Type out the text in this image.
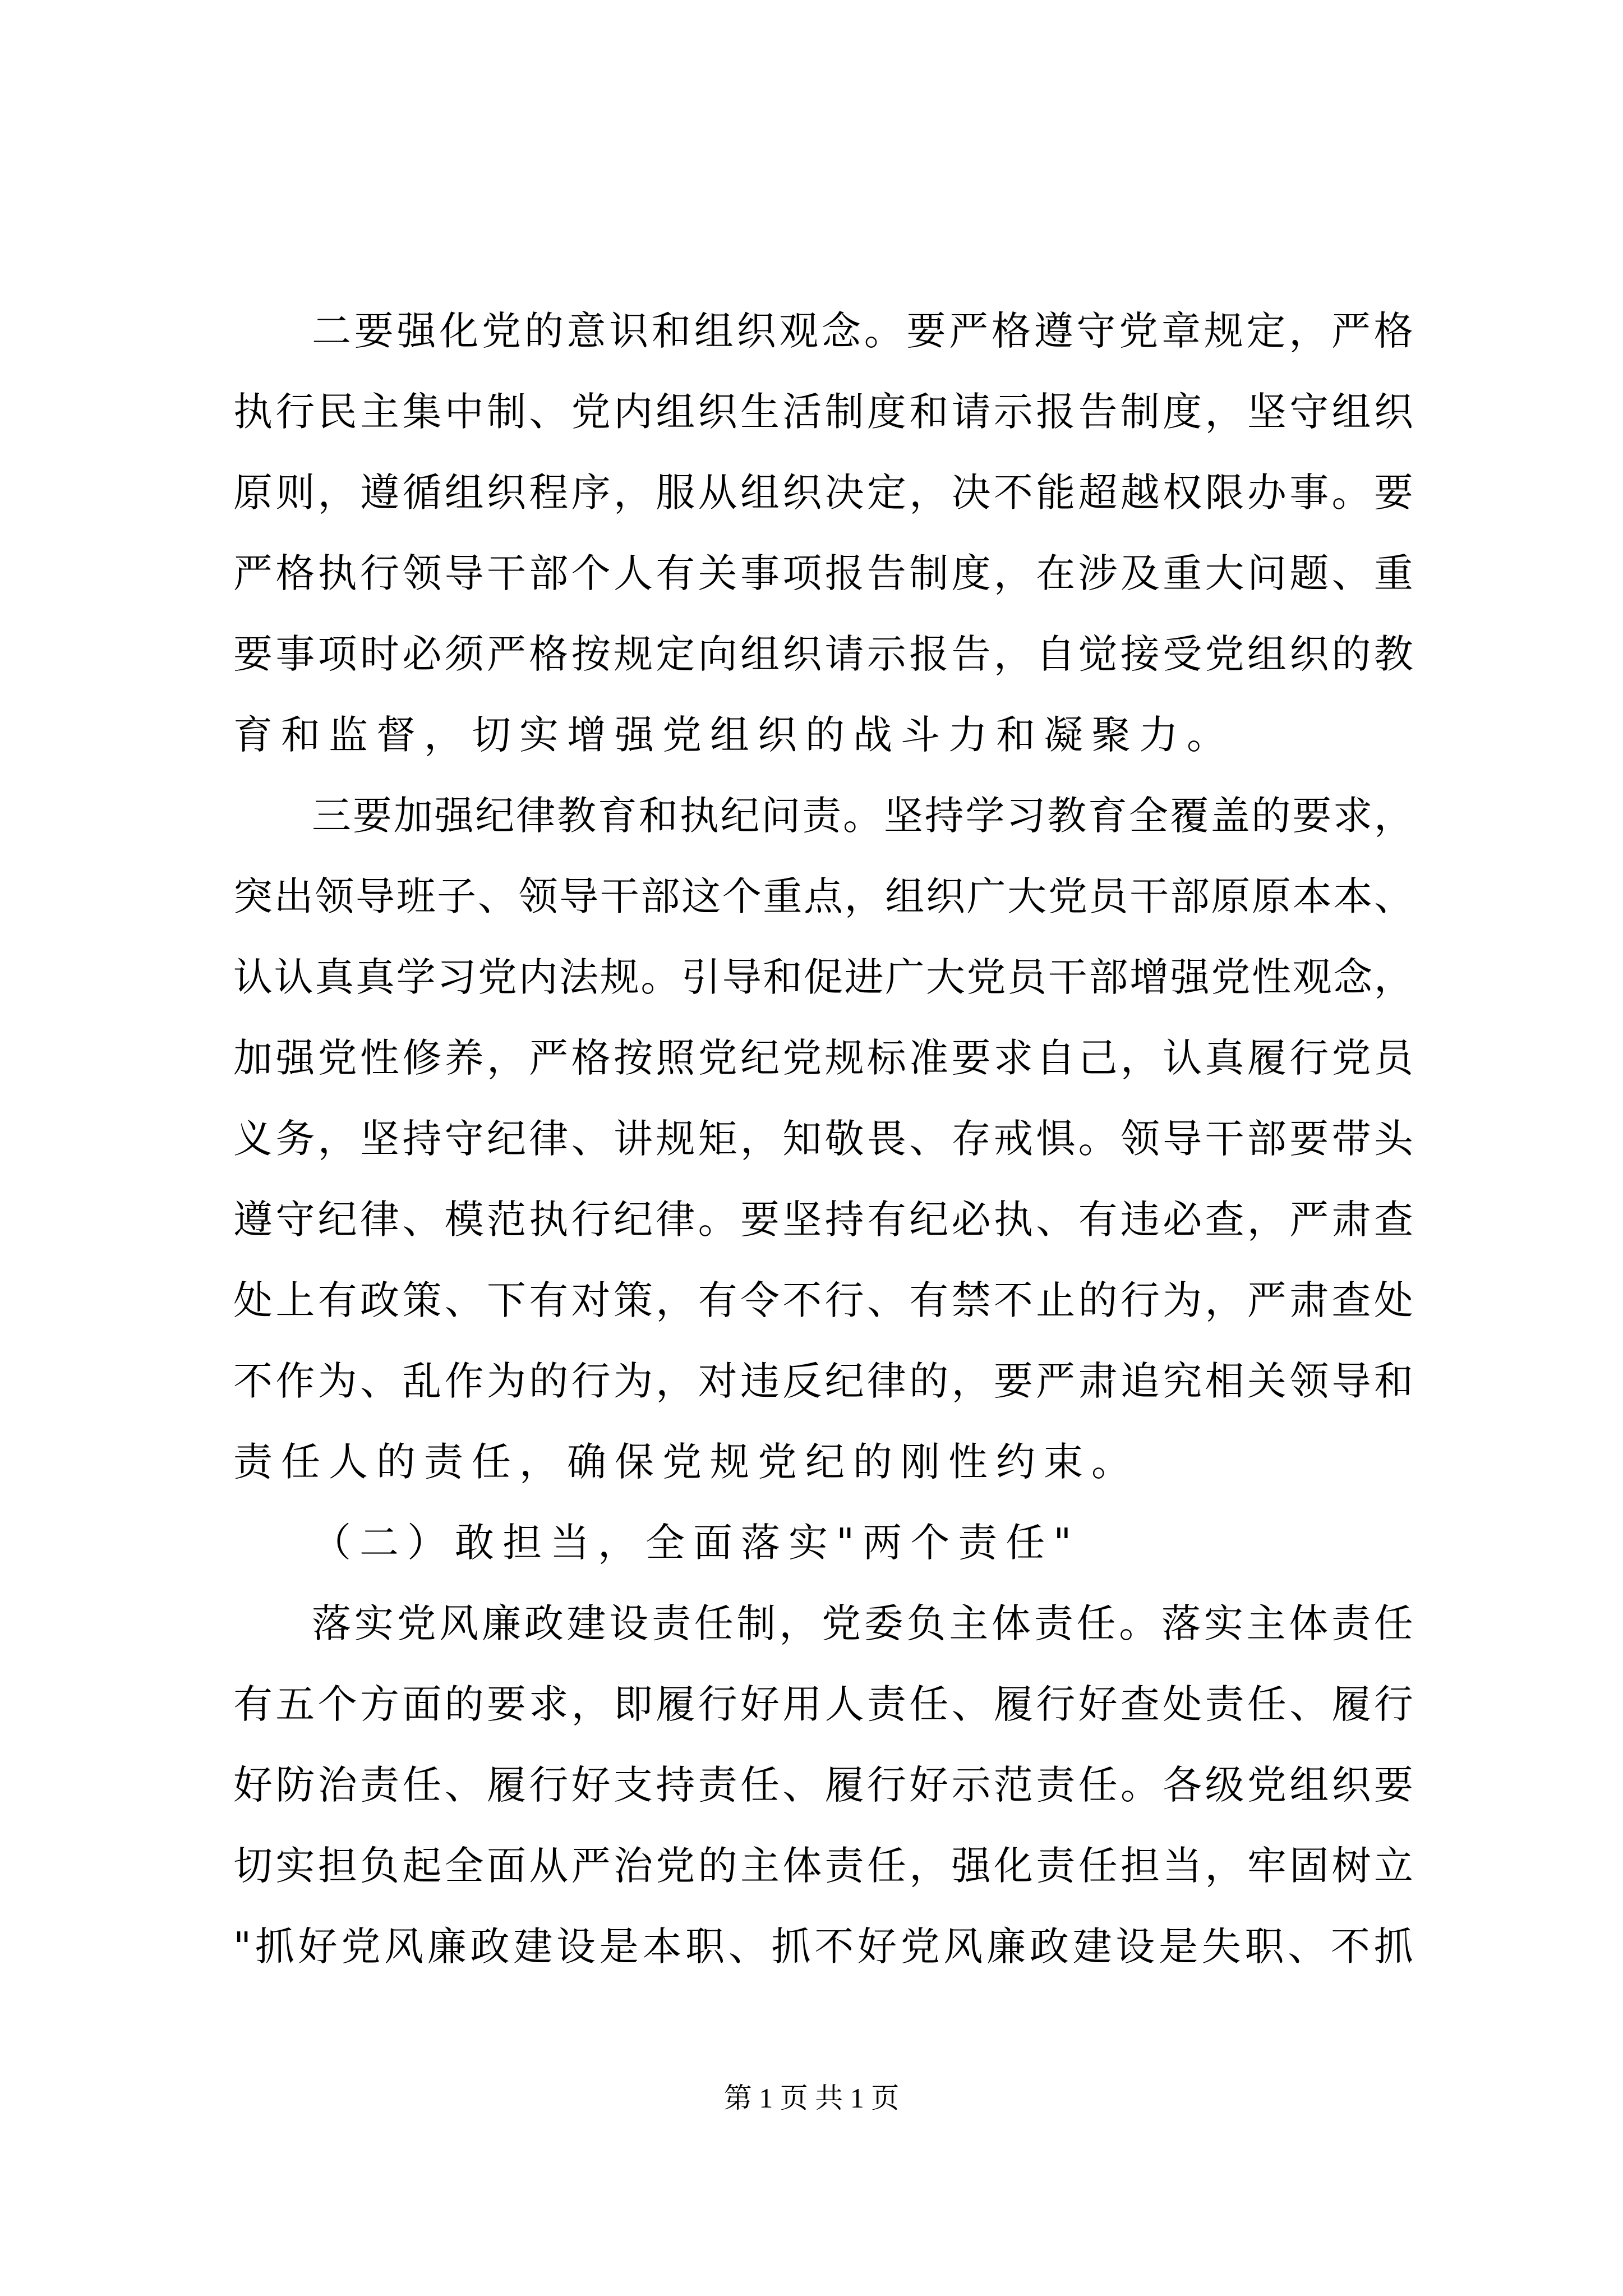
二 要 强 化 党 的 意 识 和 组 织 观 念 。 要 严 格 遵 守 党 章 规 定 ， 严 格
执 行 民 主 集 中 制 、 党 内 组 织 生 活 制 度 和 请 示 报 告 制 度 ， 坚 守 组 织
原 则 ， 遵 循 组 织 程 序 ， 服 从 组 织 决 定 ， 决 不 能 超 越 权 限 办 事 。 要
严 格 执 行 领 导 干 部 个 人 有 关 事 项 报 告 制 度 ， 在 涉 及 重 大 问 题 、 重
要 事 项 时 必 须 严 格 按 规 定 向 组 织 请 示 报 告 ， 自 觉 接 受 党 组 织 的 教
育 和 监 督 ， 切 实 增 强 党 组 织 的 战 斗 力 和 凝 聚 力 。
三 要 加 强 纪 律 教 育 和 执 纪 问 责 。 坚 持 学 习 教 育 全 覆 盖 的 要 求 ，
突 出 领 导 班 子 、 领 导 干 部 这 个 重 点 ， 组 织 广 大 党 员 干 部 原 原 本 本 、
认 认 真 真 学 习 党 内 法 规 。 引 导 和 促 进 广 大 党 员 干 部 增 强 党 性 观 念 ，
加 强 党 性 修 养 ， 严 格 按 照 党 纪 党 规 标 准 要 求 自 己 ， 认 真 履 行 党 员
义 务 ， 坚 持 守 纪 律 、 讲 规 矩 ， 知 敬 畏 、 存 戒 惧 。 领 导 干 部 要 带 头
遵 守 纪 律 、 模 范 执 行 纪 律 。 要 坚 持 有 纪 必 执 、 有 违 必 查 ， 严 肃 查
处 上 有 政 策 、 下 有 对 策 ， 有 令 不 行 、 有 禁 不 止 的 行 为 ， 严 肃 查 处
不 作 为 、 乱 作 为 的 行 为 ， 对 违 反 纪 律 的 ， 要 严 肃 追 究 相 关 领 导 和
责 任 人 的 责 任 ， 确 保 党 规 党 纪 的 刚 性 约 束 。
（ 二 ） 敢 担 当 ， 全 面 落 实 " 两 个 责 任 "
落 实 党 风 廉 政 建 设 责 任 制 ， 党 委 负 主 体 责 任 。 落 实 主 体 责 任
有 五 个 方 面 的 要 求 ， 即 履 行 好 用 人 责 任 、 履 行 好 查 处 责 任 、 履 行
好 防 治 责 任 、 履 行 好 支 持 责 任 、 履 行 好 示 范 责 任 。 各 级 党 组 织 要
切 实 担 负 起 全 面 从 严 治 党 的 主 体 责 任 ， 强 化 责 任 担 当 ， 牢 固 树 立
" 抓 好 党 风 廉 政 建 设 是 本 职 、 抓 不 好 党 风 廉 政 建 设 是 失 职 、 不 抓
第 1 页 共 1 页
